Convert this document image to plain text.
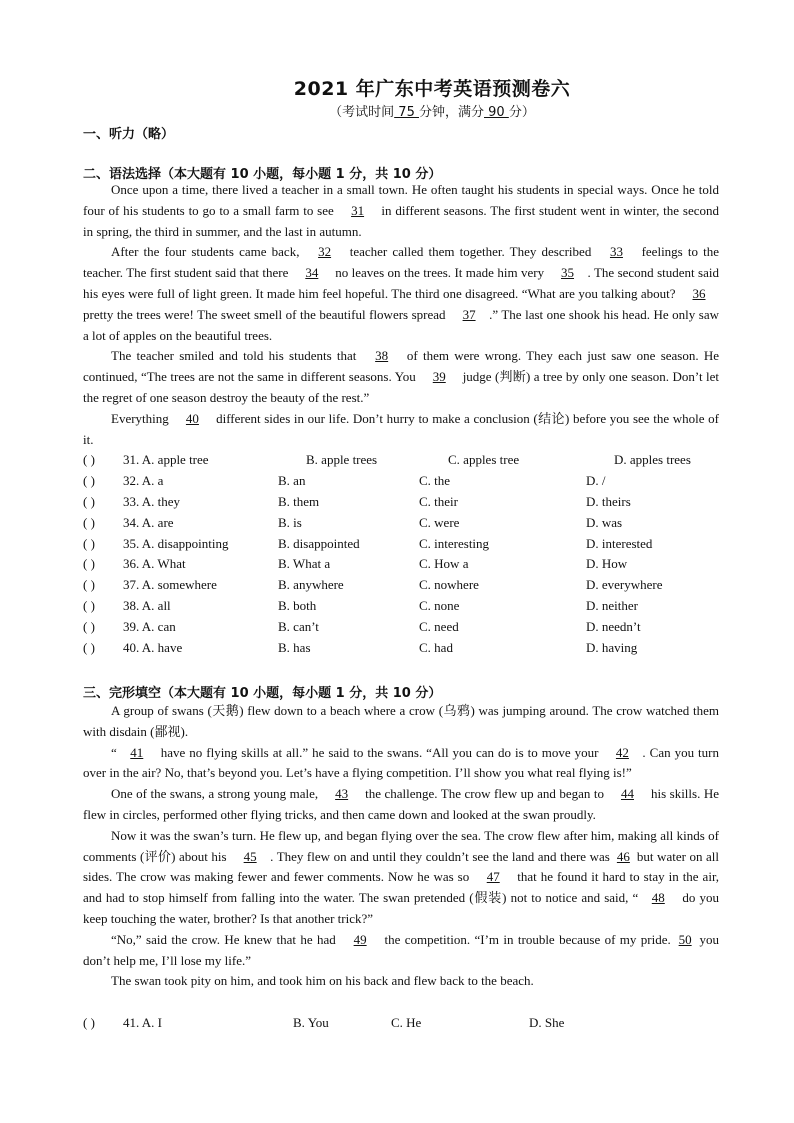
2021 年广东中考英语预测卷六
（考试时间 75 分钟，满分 90 分）
一、听力（略）
二、语法选择（本大题有 10 小题，每小题 1 分，共 10 分）

Once upon a time, there lived a teacher in a small town. He often taught his students in special ways. Once he told four of his students to go to a small farm to see 31 in different seasons. The first student went in winter, the second in spring, the third in summer, and the last in autumn.

After the four students came back, 32 teacher called them together. They described 33 feelings to the teacher. The first student said that there 34 no leaves on the trees. It made him very 35 . The second student said his eyes were full of light green. It made him feel hopeful. The third one disagreed. “What are you talking about? 36 pretty the trees were! The sweet smell of the beautiful flowers spread 37 .” The last one shook his head. He only saw a lot of apples on the beautiful trees.

The teacher smiled and told his students that 38 of them were wrong. They each just saw one season. He continued, “The trees are not the same in different seasons. You 39 judge (判断) a tree by only one season. Don’t let the regret of one season destroy the beauty of the rest.”

Everything 40 different sides in our life. Don’t hurry to make a conclusion (结论) before you see the whole of it.

( ) 31. A. apple tree	B. apple trees	C. apples tree	D. apples trees
( ) 32. A. a	B. an	C. the	D. /
( ) 33. A. they	B. them	C. their	D. theirs
( ) 34. A. are	B. is	C. were	D. was
( ) 35. A. disappointing	B. disappointed	C. interesting	D. interested
( ) 36. A. What	B. What a	C. How a	D. How
( ) 37. A. somewhere	B. anywhere	C. nowhere	D. everywhere
( ) 38. A. all	B. both	C. none	D. neither
( ) 39. A. can	B. can’t	C. need	D. needn’t
( ) 40. A. have	B. has	C. had	D. having
三、完形填空（本大题有 10 小题，每小题 1 分，共 10 分）

A group of swans (天鹅) flew down to a beach where a crow (乌鸦) was jumping around. The crow watched them with disdain (鄙视).

“ 41 have no flying skills at all.” he said to the swans. “All you can do is to move your 42 . Can you turn over in the air? No, that’s beyond you. Let’s have a flying competition. I’ll show you what real flying is!”

One of the swans, a strong young male, 43 the challenge. The crow flew up and began to 44 his skills. He flew in circles, performed other flying tricks, and then came down and looked at the swan proudly.

Now it was the swan’s turn. He flew up, and began flying over the sea. The crow flew after him, making all kinds of comments (评价) about his 45 . They flew on and until they couldn’t see the land and there was 46 but water on all sides. The crow was making fewer and fewer comments. Now he was so 47 that he found it hard to stay in the air, and had to stop himself from falling into the water. The swan pretended (假装) not to notice and said, “ 48 do you keep touching the water, brother? Is that another trick?”

“No,” said the crow. He knew that he had 49 the competition. “I’m in trouble because of my pride. 50 you don’t help me, I’ll lose my life.”

The swan took pity on him, and took him on his back and flew back to the beach.

( ) 41. A. I	B. You	C. He	D. She
